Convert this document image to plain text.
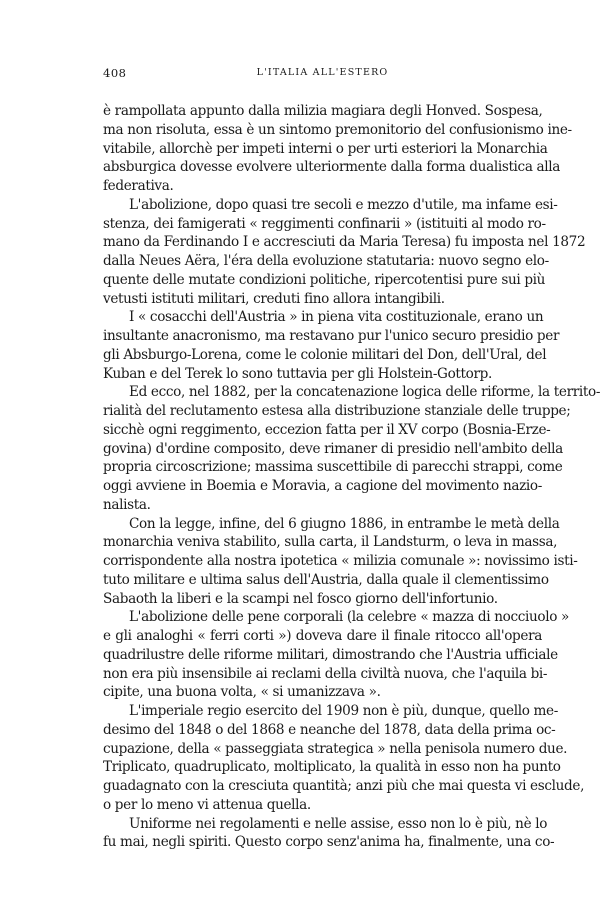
408	L'ITALIA ALL'ESTERO
è rampollata appunto dalla milizia magiara degli Honved. Sospesa,
ma non risoluta, essa è un sintomo premonitorio del confusionismo ine-
vitabile, allorchè per impeti interni o per urti esteriori la Monarchia
absburgica dovesse evolvere ulteriormente dalla forma dualistica alla
federativa.
L'abolizione, dopo quasi tre secoli e mezzo d'utile, ma infame esi-
stenza, dei famigerati « reggimenti confinarii » (istituiti al modo ro-
mano da Ferdinando I e accresciuti da Maria Teresa) fu imposta nel 1872
dalla Neues Aëra, l'éra della evoluzione statutaria: nuovo segno elo-
quente delle mutate condizioni politiche, ripercotentisi pure sui più
vetusti istituti militari, creduti fino allora intangibili.
I « cosacchi dell'Austria » in piena vita costituzionale, erano un
insultante anacronismo, ma restavano pur l'unico securo presidio per
gli Absburgo-Lorena, come le colonie militari del Don, dell'Ural, del
Kuban e del Terek lo sono tuttavia per gli Holstein-Gottorp.
Ed ecco, nel 1882, per la concatenazione logica delle riforme, la territo-
rialità del reclutamento estesa alla distribuzione stanziale delle truppe;
sicchè ogni reggimento, eccezion fatta per il XV corpo (Bosnia-Erze-
govina) d'ordine composito, deve rimaner di presidio nell'ambito della
propria circoscrizione; massima suscettibile di parecchi strappi, come
oggi avviene in Boemia e Moravia, a cagione del movimento nazio-
nalista.
Con la legge, infine, del 6 giugno 1886, in entrambe le metà della
monarchia veniva stabilito, sulla carta, il Landsturm, o leva in massa,
corrispondente alla nostra ipotetica « milizia comunale »: novissimo isti-
tuto militare e ultima salus dell'Austria, dalla quale il clementissimo
Sabaoth la liberi e la scampi nel fosco giorno dell'infortunio.
L'abolizione delle pene corporali (la celebre « mazza di nocciuolo »
e gli analoghi « ferri corti ») doveva dare il finale ritocco all'opera
quadrilustre delle riforme militari, dimostrando che l'Austria ufficiale
non era più insensibile ai reclami della civiltà nuova, che l'aquila bi-
cipite, una buona volta, « si umanizzava ».
L'imperiale regio esercito del 1909 non è più, dunque, quello me-
desimo del 1848 o del 1868 e neanche del 1878, data della prima oc-
cupazione, della « passeggiata strategica » nella penisola numero due.
Triplicato, quadruplicato, moltiplicato, la qualità in esso non ha punto
guadagnato con la cresciuta quantità; anzi più che mai questa vi esclude,
o per lo meno vi attenua quella.
Uniforme nei regolamenti e nelle assise, esso non lo è più, nè lo
fu mai, negli spiriti. Questo corpo senz'anima ha, finalmente, una co-
